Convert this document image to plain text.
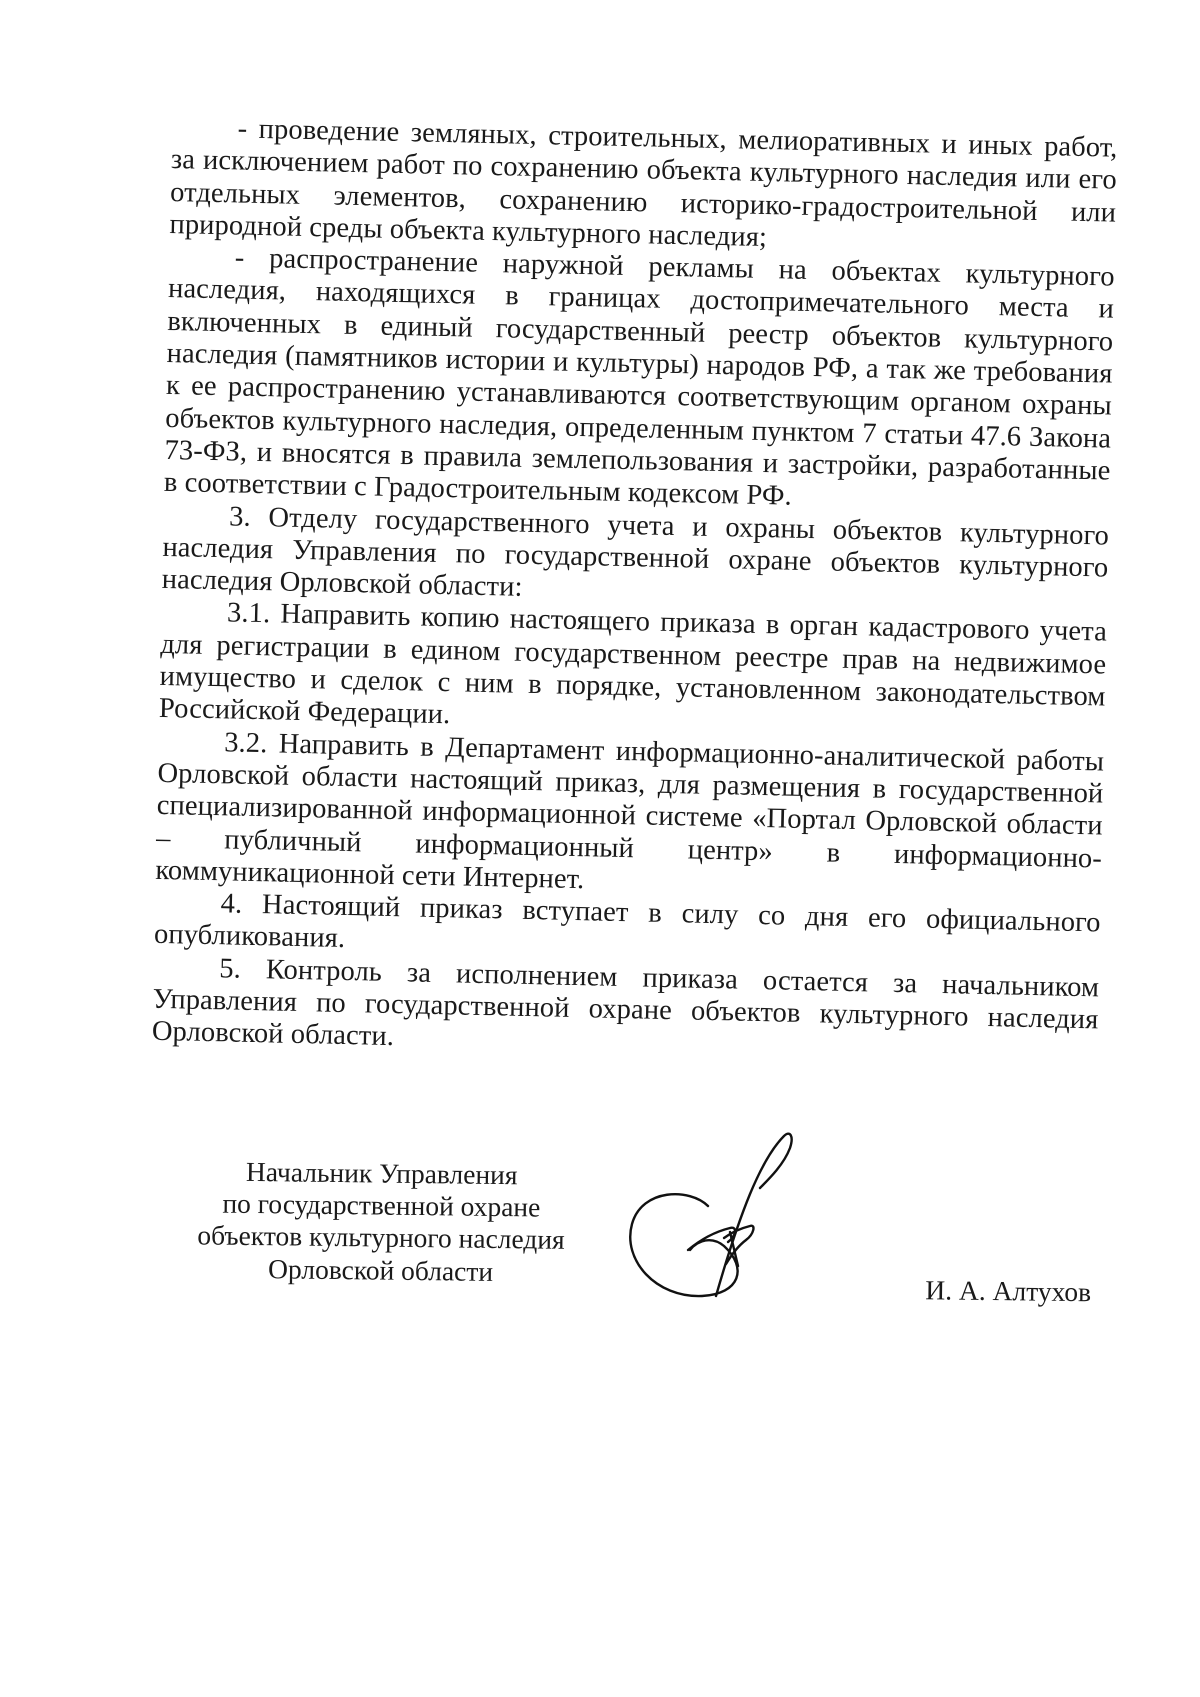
- проведение земляных, строительных, мелиоративных и иных работ, за исключением работ по сохранению объекта культурного наследия или его отдельных элементов, сохранению историко-градостроительной или природной среды объекта культурного наследия;

- распространение наружной рекламы на объектах культурного наследия, находящихся в границах достопримечательного места и включенных в единый государственный реестр объектов культурного наследия (памятников истории и культуры) народов РФ, а так же требования к ее распространению устанавливаются соответствующим органом охраны объектов культурного наследия, определенным пунктом 7 статьи 47.6 Закона 73-ФЗ, и вносятся в правила землепользования и застройки, разработанные в соответствии с Градостроительным кодексом РФ.

3. Отделу государственного учета и охраны объектов культурного наследия Управления по государственной охране объектов культурного наследия Орловской области:

3.1. Направить копию настоящего приказа в орган кадастрового учета для регистрации в едином государственном реестре прав на недвижимое имущество и сделок с ним в порядке, установленном законодательством Российской Федерации.

3.2. Направить в Департамент информационно-аналитической работы Орловской области настоящий приказ, для размещения в государственной специализированной информационной системе «Портал Орловской области – публичный информационный центр» в информационно-коммуникационной сети Интернет.

4. Настоящий приказ вступает в силу со дня его официального опубликования.

5. Контроль за исполнением приказа остается за начальником Управления по государственной охране объектов культурного наследия Орловской области.

Начальник Управления
по государственной охране
объектов культурного наследия
Орловской области
И. А. Алтухов
